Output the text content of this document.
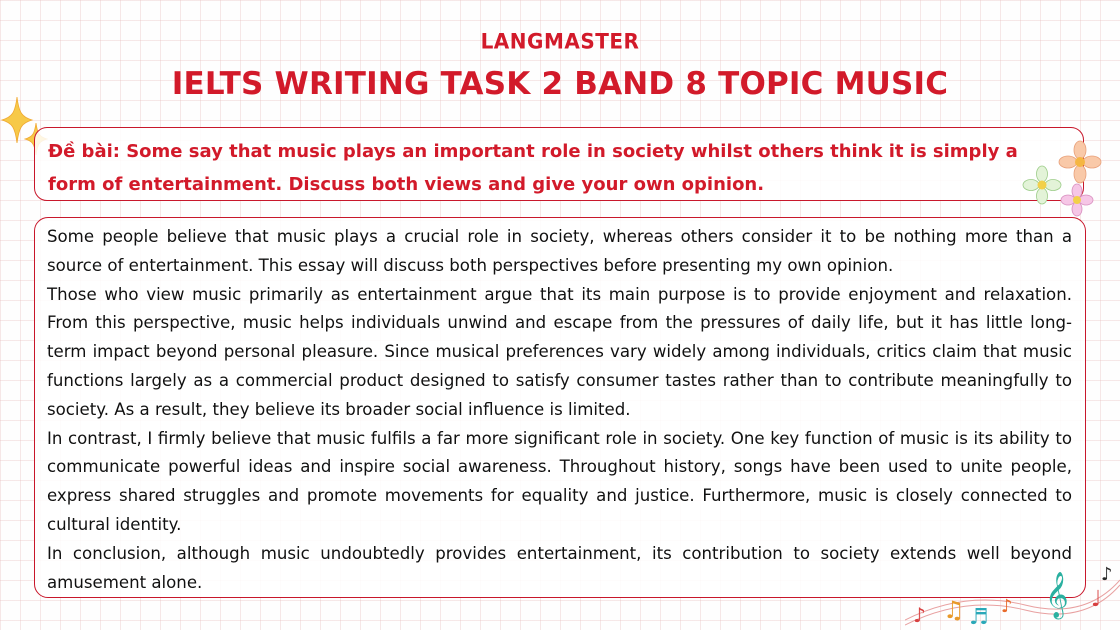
LANGMASTER
IELTS WRITING TASK 2 BAND 8 TOPIC MUSIC
Đề bài: Some say that music plays an important role in society whilst others think it is simply a form of entertainment. Discuss both views and give your own opinion.

Some people believe that music plays a crucial role in society, whereas others consider it to be nothing more than a source of entertainment. This essay will discuss both perspectives before presenting my own opinion.

Those who view music primarily as entertainment argue that its main purpose is to provide enjoyment and relaxation. From this perspective, music helps individuals unwind and escape from the pressures of daily life, but it has little long-term impact beyond personal pleasure. Since musical preferences vary widely among individuals, critics claim that music functions largely as a commercial product designed to satisfy consumer tastes rather than to contribute meaningfully to society. As a result, they believe its broader social influence is limited.

In contrast, I firmly believe that music fulfils a far more significant role in society. One key function of music is its ability to communicate powerful ideas and inspire social awareness. Throughout history, songs have been used to unite people, express shared struggles and promote movements for equality and justice. Furthermore, music is closely connected to cultural identity.

In conclusion, although music undoubtedly provides entertainment, its contribution to society extends well beyond amusement alone.

♪ ♫ ♬ ♪ 𝄞 ♩
♪
